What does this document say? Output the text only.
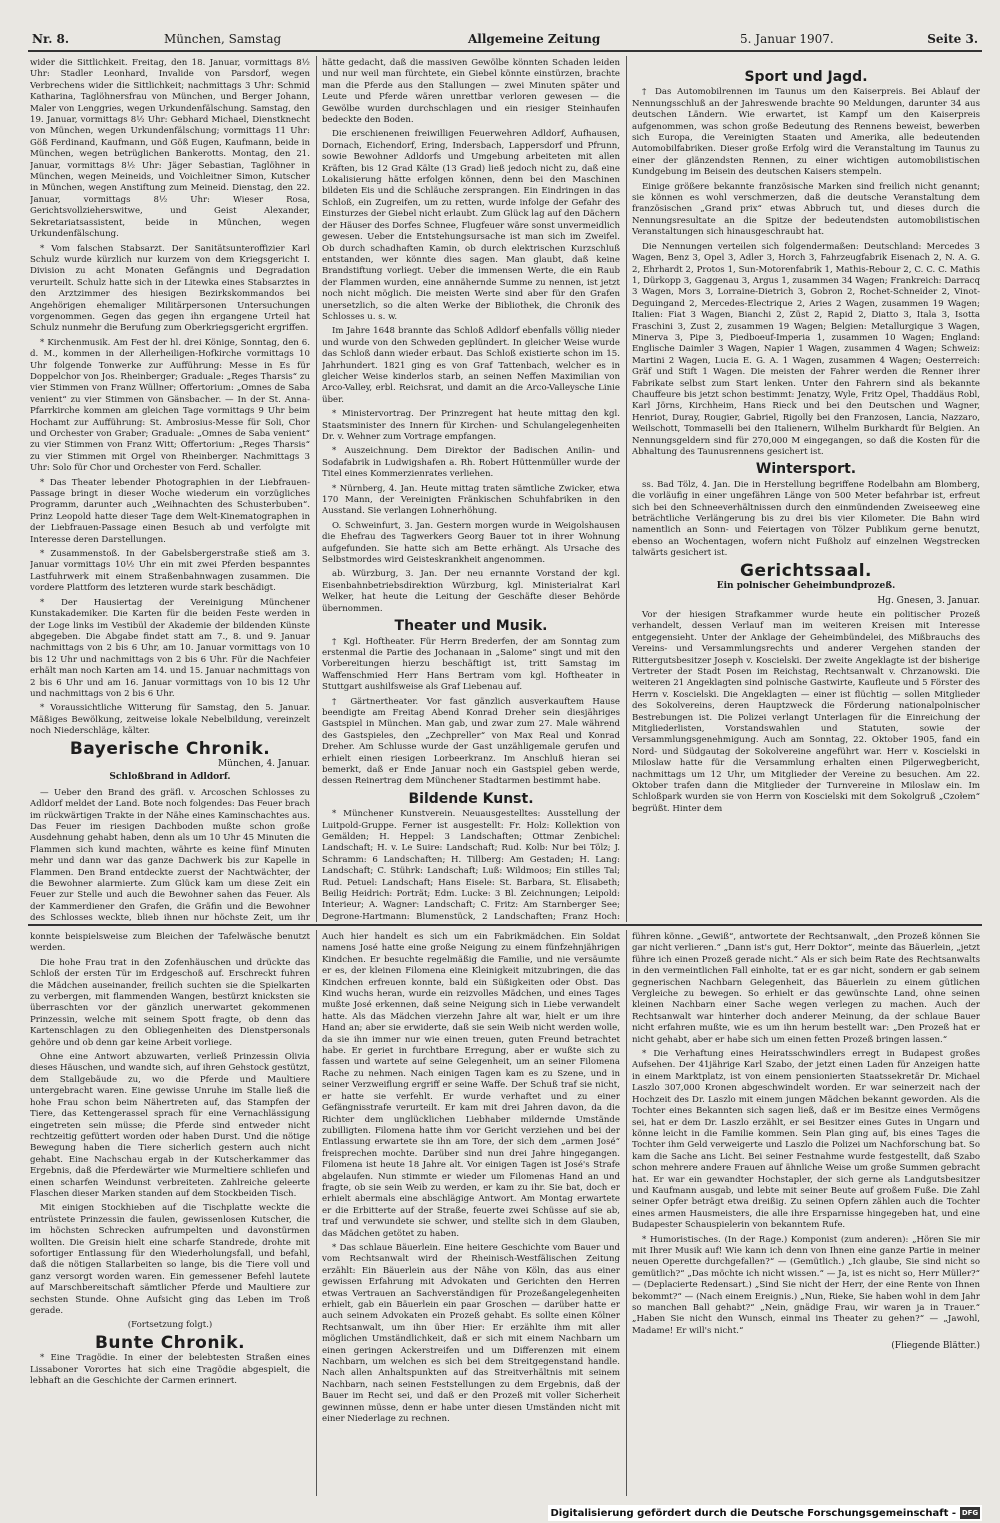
Nr. 8.	München, Samstag	Allgemeine Zeitung	5. Januar 1907.	Seite 3.

wider die Sittlichkeit. Freitag, den 18. Januar, vormittags 8½ Uhr: Stadler Leonhard, Invalide von Parsdorf, wegen Verbrechens wider die Sittlichkeit; nachmittags 3 Uhr: Schmid Katharina, Taglöhnersfrau von München, und Berger Johann, Maler von Lenggries, wegen Urkundenfälschung. Samstag, den 19. Januar, vormittags 8½ Uhr: Gebhard Michael, Dienstknecht von München, wegen Urkundenfälschung; vormittags 11 Uhr: Göß Ferdinand, Kaufmann, und Göß Eugen, Kaufmann, beide in München, wegen betrüglichen Bankerotts. Montag, den 21. Januar, vormittags 8½ Uhr: Jäger Sebastian, Taglöhner in München, wegen Meineids, und Voichleitner Simon, Kutscher in München, wegen Anstiftung zum Meineid. Dienstag, den 22. Januar, vormittags 8½ Uhr: Wieser Rosa, Gerichtsvollzieherswitwe, und Geist Alexander, Sekretariatsassistent, beide in München, wegen Urkundenfälschung.

* Vom falschen Stabsarzt. Der Sanitätsunteroffizier Karl Schulz wurde kürzlich nur kurzem von dem Kriegsgericht I. Division zu acht Monaten Gefängnis und Degradation verurteilt. Schulz hatte sich in der Litewka eines Stabsarztes in den Arztzimmer des hiesigen Bezirkskommandos bei Angehörigen ehemaliger Militärpersonen Untersuchungen vorgenommen. Gegen das gegen ihn ergangene Urteil hat Schulz nunmehr die Berufung zum Oberkriegsgericht ergriffen.

* Kirchenmusik. Am Fest der hl. drei Könige, Sonntag, den 6. d. M., kommen in der Allerheiligen-Hofkirche vormittags 10 Uhr folgende Tonwerke zur Aufführung: Messe in Es für Doppelchor von Jos. Rheinberger; Graduale: „Reges Tharsis“ zu vier Stimmen von Franz Wüllner; Offertorium: „Omnes de Saba venient“ zu vier Stimmen von Gänsbacher. — In der St. Anna-Pfarrkirche kommen am gleichen Tage vormittags 9 Uhr beim Hochamt zur Aufführung: St. Ambrosius-Messe für Soli, Chor und Orchester von Graber; Graduale: „Omnes de Saba venient“ zu vier Stimmen von Franz Witt; Offertorium: „Reges Tharsis“ zu vier Stimmen mit Orgel von Rheinberger. Nachmittags 3 Uhr: Solo für Chor und Orchester von Ferd. Schaller.

* Das Theater lebender Photographien in der Liebfrauen-Passage bringt in dieser Woche wiederum ein vorzügliches Programm, darunter auch „Weihnachten des Schusterbuben“. Prinz Leopold hatte dieser Tage dem Welt-Kinematographen in der Liebfrauen-Passage einen Besuch ab und verfolgte mit Interesse deren Darstellungen.

* Zusammenstoß. In der Gabelsbergerstraße stieß am 3. Januar vormittags 10½ Uhr ein mit zwei Pferden bespanntes Lastfuhrwerk mit einem Straßenbahnwagen zusammen. Die vordere Plattform des letzteren wurde stark beschädigt.

* Der Hausiertag der Vereinigung Münchener Kunstakademiker. Die Karten für die beiden Feste werden in der Loge links im Vestibül der Akademie der bildenden Künste abgegeben. Die Abgabe findet statt am 7., 8. und 9. Januar nachmittags von 2 bis 6 Uhr, am 10. Januar vormittags von 10 bis 12 Uhr und nachmittags von 2 bis 6 Uhr. Für die Nachfeier erhält man noch Karten am 14. und 15. Januar nachmittags von 2 bis 6 Uhr und am 16. Januar vormittags von 10 bis 12 Uhr und nachmittags von 2 bis 6 Uhr.

* Voraussichtliche Witterung für Samstag, den 5. Januar. Mäßiges Bewölkung, zeitweise lokale Nebelbildung, vereinzelt noch Niederschläge, kälter.

Bayerische Chronik.
München, 4. Januar.
Schloßbrand in Adldorf.

— Ueber den Brand des gräfl. v. Arcoschen Schlosses zu Adldorf meldet der Land. Bote noch folgendes: Das Feuer brach im rückwärtigen Trakte in der Nähe eines Kaminschachtes aus. Das Feuer im riesigen Dachboden mußte schon große Ausdehnung gehabt haben, denn als um 10 Uhr 45 Minuten die Flammen sich kund machten, währte es keine fünf Minuten mehr und dann war das ganze Dachwerk bis zur Kapelle in Flammen. Den Brand entdeckte zuerst der Nachtwächter, der die Bewohner alarmierte. Zum Glück kam um diese Zeit ein Feuer zur Stelle und auch die Bewohner sahen das Feuer. Als der Kammerdiener den Grafen, die Gräfin und die Bewohner des Schlosses weckte, blieb ihnen nur höchste Zeit, um ihr

hätte gedacht, daß die massiven Gewölbe könnten Schaden leiden und nur weil man fürchtete, ein Giebel könnte einstürzen, brachte man die Pferde aus den Stallungen — zwei Minuten später und Leute und Pferde wären unrettbar verloren gewesen — die Gewölbe wurden durchschlagen und ein riesiger Steinhaufen bedeckte den Boden.

Die erschienenen freiwilligen Feuerwehren Adldorf, Aufhausen, Dornach, Eichendorf, Ering, Indersbach, Lappersdorf und Pfrunn, sowie Bewohner Adldorfs und Umgebung arbeiteten mit allen Kräften, bis 12 Grad Kälte (13 Grad) ließ jedoch nicht zu, daß eine Lokalisierung hätte erfolgen können, denn bei den Maschinen bildeten Eis und die Schläuche zersprangen. Ein Eindringen in das Schloß, ein Zugreifen, um zu retten, wurde infolge der Gefahr des Einsturzes der Giebel nicht erlaubt. Zum Glück lag auf den Dächern der Häuser des Dorfes Schnee, Flugfeuer wäre sonst unvermeidlich gewesen. Ueber die Entstehungsursache ist man sich im Zweifel. Ob durch schadhaften Kamin, ob durch elektrischen Kurzschluß entstanden, wer könnte dies sagen. Man glaubt, daß keine Brandstiftung vorliegt. Ueber die immensen Werte, die ein Raub der Flammen wurden, eine annähernde Summe zu nennen, ist jetzt noch nicht möglich. Die meisten Werte sind aber für den Grafen unersetzlich, so die alten Werke der Bibliothek, die Chronik des Schlosses u. s. w.

Im Jahre 1648 brannte das Schloß Adldorf ebenfalls völlig nieder und wurde von den Schweden geplündert. In gleicher Weise wurde das Schloß dann wieder erbaut. Das Schloß existierte schon im 15. Jahrhundert. 1821 ging es von Graf Tattenbach, welcher es in gleicher Weise kinderlos starb, an seinen Neffen Maximilian von Arco-Valley, erbl. Reichsrat, und damit an die Arco-Valleysche Linie über.

* Ministervortrag. Der Prinzregent hat heute mittag den kgl. Staatsminister des Innern für Kirchen- und Schulangelegenheiten Dr. v. Wehner zum Vortrage empfangen.

* Auszeichnung. Dem Direktor der Badischen Anilin- und Sodafabrik in Ludwigshafen a. Rh. Robert Hüttenmüller wurde der Titel eines Kommerzienrates verliehen.

* Nürnberg, 4. Jan. Heute mittag traten sämtliche Zwicker, etwa 170 Mann, der Vereinigten Fränkischen Schuhfabriken in den Ausstand. Sie verlangen Lohnerhöhung.

O. Schweinfurt, 3. Jan. Gestern morgen wurde in Weigolshausen die Ehefrau des Tagwerkers Georg Bauer tot in ihrer Wohnung aufgefunden. Sie hatte sich am Bette erhängt. Als Ursache des Selbstmordes wird Geisteskrankheit angenommen.

ab. Würzburg, 3. Jan. Der neu ernannte Vorstand der kgl. Eisenbahnbetriebsdirektion Würzburg, kgl. Ministerialrat Karl Welker, hat heute die Leitung der Geschäfte dieser Behörde übernommen.

Theater und Musik.

† Kgl. Hoftheater. Für Herrn Brederfen, der am Sonntag zum erstenmal die Partie des Jochanaan in „Salome“ singt und mit den Vorbereitungen hierzu beschäftigt ist, tritt Samstag im Waffenschmied Herr Hans Bertram vom kgl. Hoftheater in Stuttgart aushilfsweise als Graf Liebenau auf.

† Gärtnertheater. Vor fast gänzlich ausverkauftem Hause beendigte am Freitag Abend Konrad Dreher sein diesjähriges Gastspiel in München. Man gab, und zwar zum 27. Male während des Gastspieles, den „Zechpreller“ von Max Real und Konrad Dreher. Am Schlusse wurde der Gast unzähligemale gerufen und erhielt einen riesigen Lorbeerkranz. Im Anschluß hieran sei bemerkt, daß er Ende Januar noch ein Gastspiel geben werde, dessen Reinertrag dem Münchener Stadtarmen bestimmt habe.

Bildende Kunst.

* Münchener Kunstverein. Neuausgestelltes: Ausstellung der Luitpold-Gruppe. Ferner ist ausgestellt: Fr. Holz: Kollektion von Gemälden; H. Heppel: 3 Landschaften; Ottmar Zenbichel: Landschaft; H. v. Le Suire: Landschaft; Rud. Kolb: Nur bei Tölz; J. Schramm: 6 Landschaften; H. Tillberg: Am Gestaden; H. Lang: Landschaft; C. Stührk: Landschaft; Luß: Wildmoos; Ein stilles Tal; Rud. Petuel: Landschaft; Hans Eisele: St. Barbara, St. Elisabeth; Beilig Heidrich: Porträt; Edm. Lucke: 3 Bl. Zeichnungen; Leipold: Interieur; A. Wagner: Landschaft; C. Fritz: Am Starnberger See; Degrone-Hartmann: Blumenstück, 2 Landschaften; Franz Hoch:

Sport und Jagd.

† Das Automobilrennen im Taunus um den Kaiserpreis. Bei Ablauf der Nennungsschluß an der Jahreswende brachte 90 Meldungen, darunter 34 aus deutschen Ländern. Wie erwartet, ist Kampf um den Kaiserpreis aufgenommen, was schon große Bedeutung des Rennens beweist, bewerben sich Europa, die Vereinigten Staaten und Amerika, alle bedeutenden Automobilfabriken. Dieser große Erfolg wird die Veranstaltung im Taunus zu einer der glänzendsten Rennen, zu einer wichtigen automobilistischen Kundgebung im Beisein des deutschen Kaisers stempeln.

Einige größere bekannte französische Marken sind freilich nicht genannt; sie können es wohl verschmerzen, daß die deutsche Veranstaltung dem französischen „Grand prix“ etwas Abbruch tut, und dieses durch die Nennungsresultate an die Spitze der bedeutendsten automobilistischen Veranstaltungen sich hinausgeschraubt hat.

Die Nennungen verteilen sich folgendermaßen: Deutschland: Mercedes 3 Wagen, Benz 3, Opel 3, Adler 3, Horch 3, Fahrzeugfabrik Eisenach 2, N. A. G. 2, Ehrhardt 2, Protos 1, Sun-Motorenfabrik 1, Mathis-Rebour 2, C. C. C. Mathis 1, Dürkopp 3, Gaggenau 3, Argus 1, zusammen 34 Wagen; Frankreich: Darracq 3 Wagen, Mors 3, Lorraine-Dietrich 3, Gobron 2, Rochet-Schneider 2, Vinot-Deguingand 2, Mercedes-Electrique 2, Aries 2 Wagen, zusammen 19 Wagen; Italien: Fiat 3 Wagen, Bianchi 2, Züst 2, Rapid 2, Diatto 3, Itala 3, Isotta Fraschini 3, Zust 2, zusammen 19 Wagen; Belgien: Metallurgique 3 Wagen, Minerva 3, Pipe 3, Piedboeuf-Imperia 1, zusammen 10 Wagen; England: Englische Daimler 3 Wagen, Napier 1 Wagen, zusammen 4 Wagen; Schweiz: Martini 2 Wagen, Lucia E. G. A. 1 Wagen, zusammen 4 Wagen; Oesterreich: Gräf und Stift 1 Wagen. Die meisten der Fahrer werden die Renner ihrer Fabrikate selbst zum Start lenken. Unter den Fahrern sind als bekannte Chauffeure bis jetzt schon bestimmt: Jenatzy, Wyle, Fritz Opel, Thaddäus Robl, Karl Jörns, Kirchheim, Hans Rieck und bei den Deutschen und Wagner, Henriot, Duray, Rougier, Gabriel, Rigolly bei den Franzosen, Lancia, Nazzaro, Weilschott, Tommaselli bei den Italienern, Wilhelm Burkhardt für Belgien. An Nennungsgeldern sind für 270,000 M eingegangen, so daß die Kosten für die Abhaltung des Taunusrennens gesichert ist.

Wintersport.

ss. Bad Tölz, 4. Jan. Die in Herstellung begriffene Rodelbahn am Blomberg, die vorläufig in einer ungefähren Länge von 500 Meter befahrbar ist, erfreut sich bei den Schneeverhältnissen durch den einmündenden Zweiseeweg eine beträchtliche Verlängerung bis zu drei bis vier Kilometer. Die Bahn wird namentlich an Sonn- und Feiertagen von Tölzer Publikum gerne benutzt, ebenso an Wochentagen, wofern nicht Fußholz auf einzelnen Wegstrecken talwärts gesichert ist.

Gerichtssaal.
Ein polnischer Geheimbundprozeß.
Hg. Gnesen, 3. Januar.

Vor der hiesigen Strafkammer wurde heute ein politischer Prozeß verhandelt, dessen Verlauf man im weiteren Kreisen mit Interesse entgegensieht. Unter der Anklage der Geheimbündelei, des Mißbrauchs des Vereins- und Versammlungsrechts und anderer Vergehen standen der Rittergutsbesitzer Joseph v. Koscielski. Der zweite Angeklagte ist der bisherige Vertreter der Stadt Posen im Reichstag, Rechtsanwalt v. Chrzanowski. Die weiteren 21 Angeklagten sind polnische Gastwirte, Kaufleute und 5 Förster des Herrn v. Koscielski. Die Angeklagten — einer ist flüchtig — sollen Mitglieder des Sokolvereins, deren Hauptzweck die Förderung nationalpolnischer Bestrebungen ist. Die Polizei verlangt Unterlagen für die Einreichung der Mitgliederlisten, Vorstandswahlen und Statuten, sowie der Versammlungsgenehmigung. Auch am Sonntag, 22. Oktober 1905, fand ein Nord- und Südgautag der Sokolvereine angeführt war. Herr v. Koscielski in Miloslaw hatte für die Versammlung erhalten einen Pilgerwegbericht, nachmittags um 12 Uhr, um Mitglieder der Vereine zu besuchen. Am 22. Oktober trafen dann die Mitglieder der Turnvereine in Miloslaw ein. Im Schloßpark wurden sie von Herrn von Koscielski mit dem Sokolgruß „Czołem“ begrüßt. Hinter dem

konnte beispielsweise zum Bleichen der Tafelwäsche benutzt werden.

Die hohe Frau trat in den Zofenhäuschen und drückte das Schloß der ersten Tür im Erdgeschoß auf. Erschreckt fuhren die Mädchen auseinander, freilich suchten sie die Spielkarten zu verbergen, mit flammenden Wangen, bestürzt knicksten sie überraschten vor der gänzlich unerwartet gekommenen Prinzessin, welche mit seinem Spott fragte, ob denn das Kartenschlagen zu den Obliegenheiten des Dienstpersonals gehöre und ob denn gar keine Arbeit vorliege.

Ohne eine Antwort abzuwarten, verließ Prinzessin Olivia dieses Häuschen, und wandte sich, auf ihren Gehstock gestützt, dem Stallgebäude zu, wo die Pferde und Maultiere untergebracht waren. Eine gewisse Unruhe im Stalle ließ die hohe Frau schon beim Nähertreten auf, das Stampfen der Tiere, das Kettengerassel sprach für eine Vernachlässigung eingetreten sein müsse; die Pferde sind entweder nicht rechtzeitig gefüttert worden oder haben Durst. Und die nötige Bewegung haben die Tiere sicherlich gestern auch nicht gehabt. Eine Nachschau ergab in der Kutscherkammer das Ergebnis, daß die Pferdewärter wie Murmeltiere schliefen und einen scharfen Weindunst verbreiteten. Zahlreiche geleerte Flaschen dieser Marken standen auf dem Stockbeiden Tisch.

Mit einigen Stockhieben auf die Tischplatte weckte die entrüstete Prinzessin die faulen, gewissenlosen Kutscher, die im höchsten Schrecken aufrumpelten und davonstürmen wollten. Die Greisin hielt eine scharfe Standrede, drohte mit sofortiger Entlassung für den Wiederholungsfall, und befahl, daß die nötigen Stallarbeiten so lange, bis die Tiere voll und ganz versorgt worden waren. Ein gemessener Befehl lautete auf Marschbereitschaft sämtlicher Pferde und Maultiere zur sechsten Stunde. Ohne Aufsicht ging das Leben im Troß gerade.

(Fortsetzung folgt.)
Bunte Chronik.

* Eine Tragödie. In einer der belebtesten Straßen eines Lissaboner Vorortes hat sich eine Tragödie abgespielt, die lebhaft an die Geschichte der Carmen erinnert.

Auch hier handelt es sich um ein Fabrikmädchen. Ein Soldat namens José hatte eine große Neigung zu einem fünfzehnjährigen Kindchen. Er besuchte regelmäßig die Familie, und nie versäumte er es, der kleinen Filomena eine Kleinigkeit mitzubringen, die das Kindchen erfreuen konnte, bald ein Süßigkeiten oder Obst. Das Kind wuchs heran, wurde ein reizvolles Mädchen, und eines Tages mußte José erkennen, daß seine Neigung sich in Liebe verwandelt hatte. Als das Mädchen vierzehn Jahre alt war, hielt er um ihre Hand an; aber sie erwiderte, daß sie sein Weib nicht werden wolle, da sie ihn immer nur wie einen treuen, guten Freund betrachtet habe. Er geriet in furchtbare Erregung, aber er wußte sich zu fassen und wartete auf seine Gelegenheit, um an seiner Filomena Rache zu nehmen. Nach einigen Tagen kam es zu Szene, und in seiner Verzweiflung ergriff er seine Waffe. Der Schuß traf sie nicht, er hatte sie verfehlt. Er wurde verhaftet und zu einer Gefängnisstrafe verurteilt. Er kam mit drei Jahren davon, da die Richter dem unglücklichen Liebhaber mildernde Umstände zubilligten. Filomena hatte ihm vor Gericht verziehen und bei der Entlassung erwartete sie ihn am Tore, der sich dem „armen José“ freisprechen mochte. Darüber sind nun drei Jahre hingegangen. Filomena ist heute 18 Jahre alt. Vor einigen Tagen ist José's Strafe abgelaufen. Nun stimmte er wieder um Filomenas Hand an und fragte, ob sie sein Weib zu werden, er kam zu ihr. Sie bat, doch er erhielt abermals eine abschlägige Antwort. Am Montag erwartete er die Erbitterte auf der Straße, feuerte zwei Schüsse auf sie ab, traf und verwundete sie schwer, und stellte sich in dem Glauben, das Mädchen getötet zu haben.

* Das schlaue Bäuerlein. Eine heitere Geschichte vom Bauer und vom Rechtsanwalt wird der Rheinisch-Westfälischen Zeitung erzählt: Ein Bäuerlein aus der Nähe von Köln, das aus einer gewissen Erfahrung mit Advokaten und Gerichten den Herren etwas Vertrauen an Sachverständigen für Prozeßangelegenheiten erhielt, gab ein Bäuerlein ein paar Groschen — darüber hatte er auch seinem Advokaten ein Prozeß gehabt. Es sollte einen Kölner Rechtsanwalt, um ihn über Hier: Er erzählte ihm mit aller möglichen Umständlichkeit, daß er sich mit einem Nachbarn um einen geringen Ackerstreifen und um Differenzen mit einem Nachbarn, um welchen es sich bei dem Streitgegenstand handle. Nach allen Anhaltspunkten auf das Streitverhältnis mit seinem Nachbarn, nach seinen Feststellungen zu dem Ergebnis, daß der Bauer im Recht sei, und daß er den Prozeß mit voller Sicherheit gewinnen müsse, denn er habe unter diesen Umständen nicht mit einer Niederlage zu rechnen.

führen könne. „Gewiß“, antwortete der Rechtsanwalt, „den Prozeß können Sie gar nicht verlieren.“ „Dann ist's gut, Herr Doktor“, meinte das Bäuerlein, „jetzt führe ich einen Prozeß gerade nicht.“ Als er sich beim Rate des Rechtsanwalts in den vermeintlichen Fall einholte, tat er es gar nicht, sondern er gab seinem gegnerischen Nachbarn Gelegenheit, das Bäuerlein zu einem gütlichen Vergleiche zu bewegen. So erhielt er das gewünschte Land, ohne seinen kleinen Nachbarn einer Sache wegen verlegen zu machen. Auch der Rechtsanwalt war hinterher doch anderer Meinung, da der schlaue Bauer nicht erfahren mußte, wie es um ihn herum bestellt war: „Den Prozeß hat er nicht gehabt, aber er habe sich um einen fetten Prozeß bringen lassen.“

* Die Verhaftung eines Heiratsschwindlers erregt in Budapest großes Aufsehen. Der 41jährige Karl Szabo, der jetzt einen Laden für Anzeigen hatte in einem Marktplatz, ist von einem pensionierten Staatssekretär Dr. Michael Laszlo 307,000 Kronen abgeschwindelt worden. Er war seinerzeit nach der Hochzeit des Dr. Laszlo mit einem jungen Mädchen bekannt geworden. Als die Tochter eines Bekannten sich sagen ließ, daß er im Besitze eines Vermögens sei, hat er dem Dr. Laszlo erzählt, er sei Besitzer eines Gutes in Ungarn und könne leicht in die Familie kommen. Sein Plan ging auf, bis eines Tages die Tochter ihm Geld verweigerte und Laszlo die Polizei um Nachforschung bat. So kam die Sache ans Licht. Bei seiner Festnahme wurde festgestellt, daß Szabo schon mehrere andere Frauen auf ähnliche Weise um große Summen gebracht hat. Er war ein gewandter Hochstapler, der sich gerne als Landgutsbesitzer und Kaufmann ausgab, und lebte mit seiner Beute auf großem Fuße. Die Zahl seiner Opfer beträgt etwa dreißig. Zu seinen Opfern zählen auch die Tochter eines armen Hausmeisters, die alle ihre Ersparnisse hingegeben hat, und eine Budapester Schauspielerin von bekanntem Rufe.

* Humoristisches. (In der Rage.) Komponist (zum anderen): „Hören Sie mir mit Ihrer Musik auf! Wie kann ich denn von Ihnen eine ganze Partie in meiner neuen Operette durchgefallen?“ — (Gemütlich.) „Ich glaube, Sie sind nicht so gemütlich?“ „Das möchte ich nicht wissen.“ — Ja, ist es nicht so, Herr Müller?“ — (Deplacierte Redensart.) „Sind Sie nicht der Herr, der eine Rente von Ihnen bekommt?“ — (Nach einem Ereignis.) „Nun, Rieke, Sie haben wohl in dem Jahr so manchen Ball gehabt?“ „Nein, gnädige Frau, wir waren ja in Trauer.“ „Haben Sie nicht den Wunsch, einmal ins Theater zu gehen?“ — „Jawohl, Madame! Er will's nicht.“

(Fliegende Blätter.)
Digitalisierung gefördert durch die Deutsche Forschungsgemeinschaft - DFG
